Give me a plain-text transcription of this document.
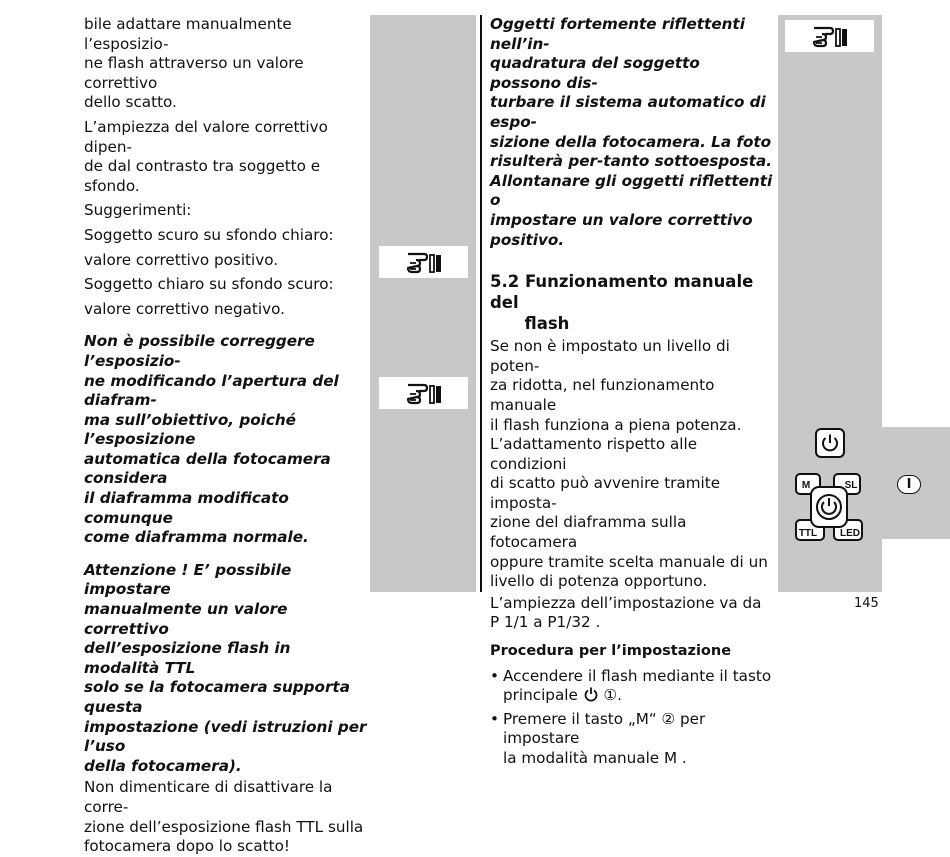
bile adattare manualmente l’esposizio-
ne flash attraverso un valore correttivo
dello scatto.

L’ampiezza del valore correttivo dipen-
de dal contrasto tra soggetto e sfondo.

Suggerimenti:

Soggetto scuro su sfondo chiaro:

valore correttivo positivo.

Soggetto chiaro su sfondo scuro:

valore correttivo negativo.

Non è possibile correggere l’esposizio-
ne modificando l’apertura del diafram-
ma sull’obiettivo, poiché l’esposizione
automatica della fotocamera considera
il diaframma modificato comunque
come diaframma normale.

Attenzione ! E’ possibile impostare
manualmente un valore correttivo
dell’esposizione flash in modalità TTL
solo se la fotocamera supporta questa
impostazione (vedi istruzioni per l’uso
della fotocamera).

Non dimenticare di disattivare la corre-
zione dell’esposizione flash TTL sulla
fotocamera dopo lo scatto!

Oggetti fortemente riflettenti nell’in-
quadratura del soggetto possono dis-
turbare il sistema automatico di espo-
sizione della fotocamera. La foto
risulterà per-tanto sottoesposta.
Allontanare gli oggetti riflettenti o
impostare un valore correttivo positivo.

5.2 Funzionamento manuale del
flash

Se non è impostato un livello di poten-
za ridotta, nel funzionamento manuale
il flash funziona a piena potenza.
L’adattamento rispetto alle condizioni
di scatto può avvenire tramite imposta-
zione del diaframma sulla fotocamera
oppure tramite scelta manuale di un
livello di potenza opportuno.

L’ampiezza dell’impostazione va da
P 1/1 a P1/32 .

Procedura per l’impostazione

• Accendere il flash mediante il tasto
principale  ①.
• Premere il tasto „M“ ② per impostare
la modalità manuale M .
M	SL
TTL LED
I
145
